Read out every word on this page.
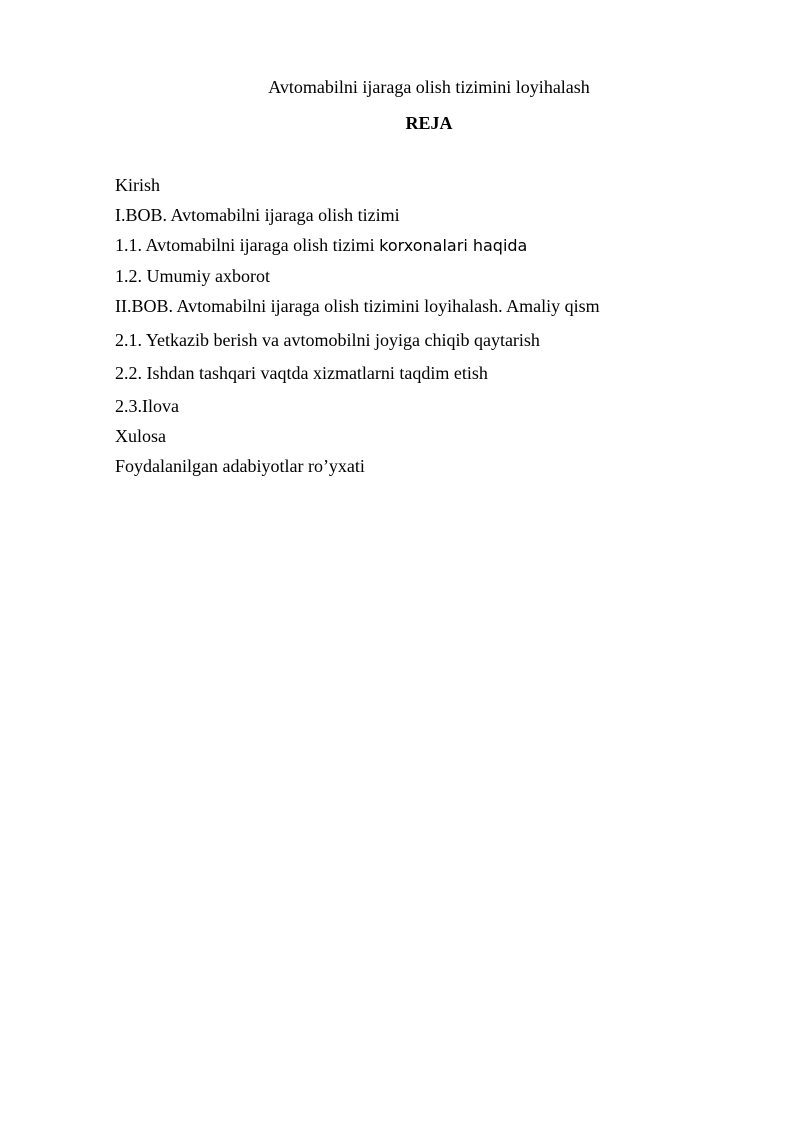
Avtomabilni ijaraga olish tizimini loyihalash
REJA
Kirish
I.BOB. Avtomabilni ijaraga olish tizimi
1.1. Avtomabilni ijaraga olish tizimi korxonalari haqida
1.2. Umumiy axborot
II.BOB. Avtomabilni ijaraga olish tizimini loyihalash. Amaliy qism
2.1. Yetkazib berish va avtomobilni joyiga chiqib qaytarish
2.2. Ishdan tashqari vaqtda xizmatlarni taqdim etish
2.3.Ilova
Xulosa
Foydalanilgan adabiyotlar ro’yxati
